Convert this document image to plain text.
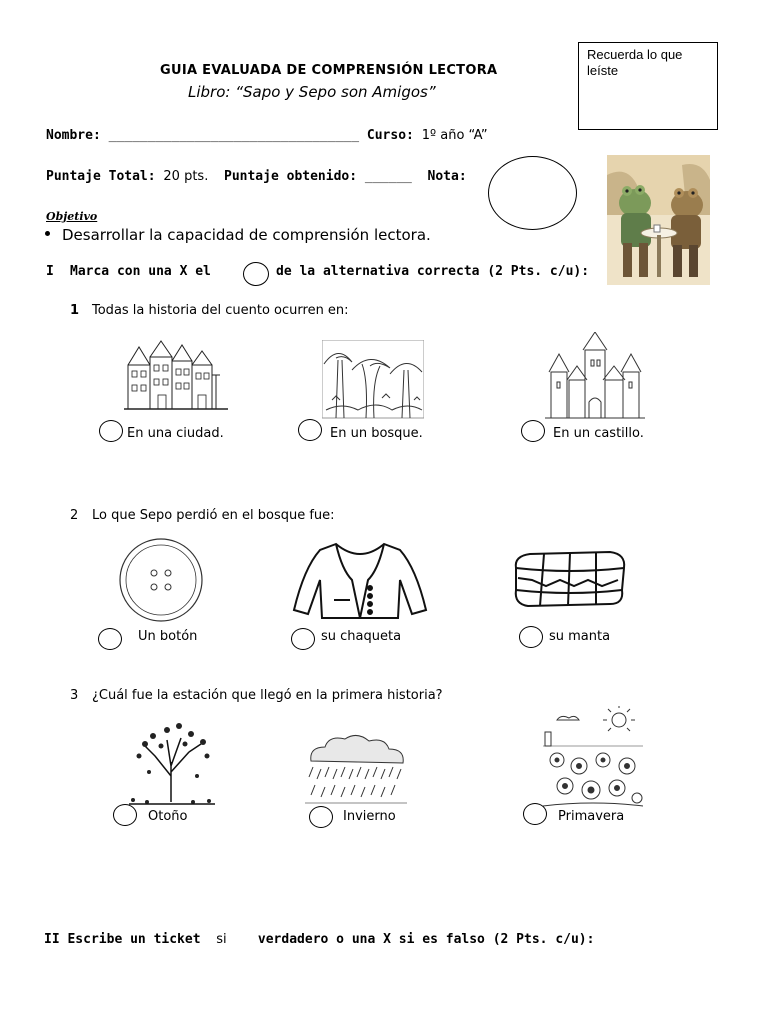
GUIA EVALUADA DE COMPRENSIÓN LECTORA
Libro: “Sapo y Sepo son Amigos”
Recuerda lo que leíste
Nombre: ________________________________ Curso: 1º año “A”
Puntaje Total: 20 pts. Puntaje obtenido: ______ Nota:
Objetivo
Desarrollar la capacidad de comprensión lectora.
I Marca con una X el	de la alternativa correcta (2 Pts. c/u):
1 Todas la historia del cuento ocurren en:
En una ciudad.	En un bosque.	En un castillo.
2 Lo que Sepo perdió en el bosque fue:
Un botón	su chaqueta	su manta
3 ¿Cuál fue la estación que llegó en la primera historia?
Otoño	Invierno	Primavera
II Escribe un ticket si verdadero o una X si es falso (2 Pts. c/u):
